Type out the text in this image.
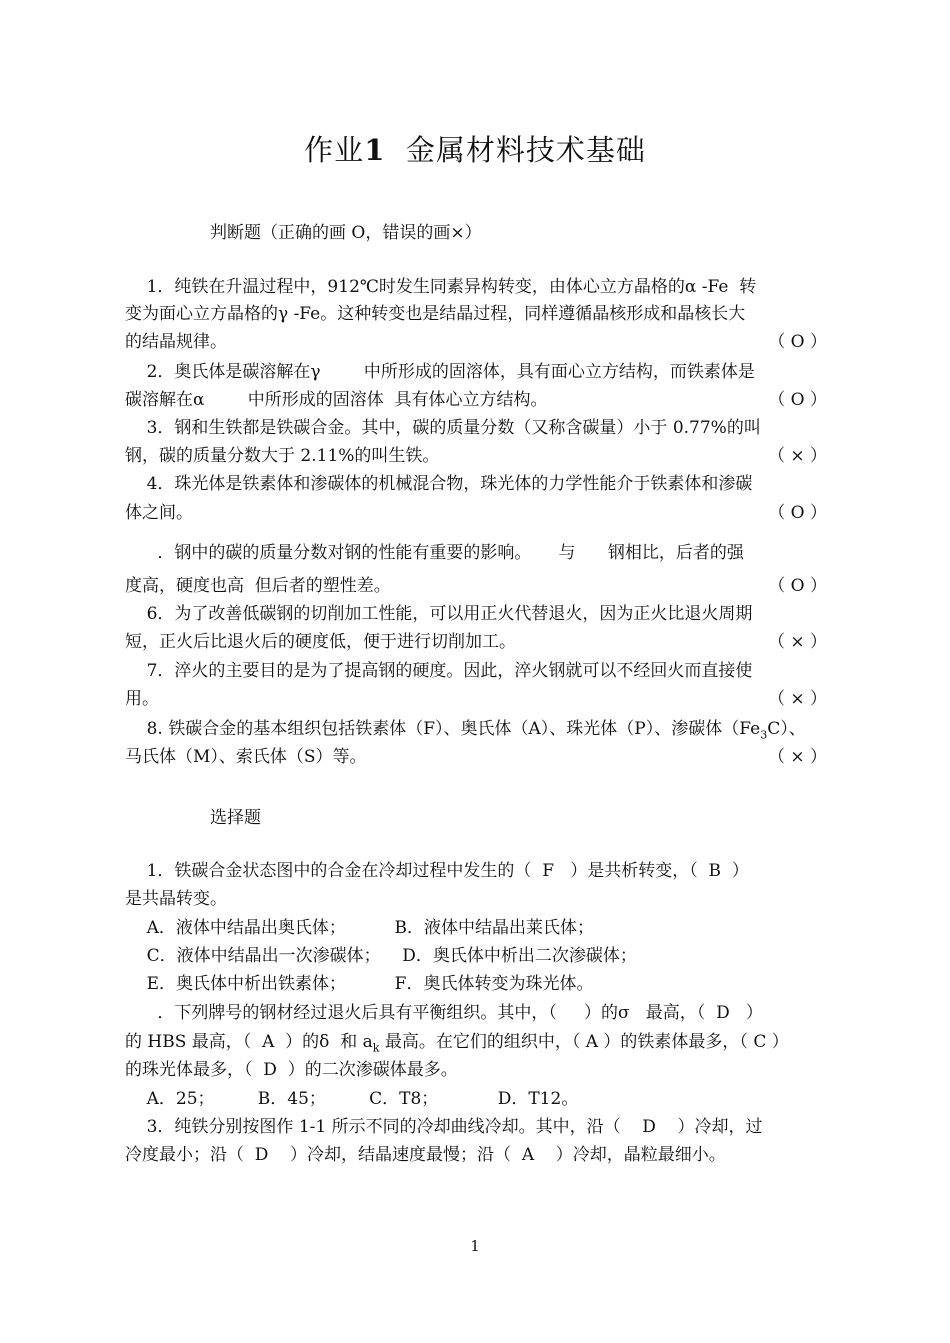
作业1 金属材料技术基础
判断题（正确的画 O，错误的画×）
1．纯铁在升温过程中，912℃时发生同素异构转变，由体心立方晶格的α -Fe  转
变为面心立方晶格的γ -Fe。这种转变也是结晶过程，同样遵循晶核形成和晶核长大
的结晶规律。	（ O ）
2．奥氏体是碳溶解在γ        中所形成的固溶体，具有面心立方结构，而铁素体是
碳溶解在α        中所形成的固溶体  具有体心立方结构。	（ O ）
3．钢和生铁都是铁碳合金。其中，碳的质量分数（又称含碳量）小于 0.77%的叫
钢，碳的质量分数大于 2.11%的叫生铁。	（ × ）
4．珠光体是铁素体和渗碳体的机械混合物，珠光体的力学性能介于铁素体和渗碳
体之间。	（ O ）
．钢中的碳的质量分数对钢的性能有重要的影响。     与      钢相比，后者的强
度高，硬度也高  但后者的塑性差。	（ O ）
6．为了改善低碳钢的切削加工性能，可以用正火代替退火，因为正火比退火周期
短，正火后比退火后的硬度低，便于进行切削加工。	（ × ）
7．淬火的主要目的是为了提高钢的硬度。因此，淬火钢就可以不经回火而直接使
用。	（ × ）
8. 铁碳合金的基本组织包括铁素体（F）、奥氏体（A）、珠光体（P）、渗碳体$(Fe_3C)$、
马氏体（M）、索氏体（S）等。	（ × ）
选择题
1．铁碳合金状态图中的合金在冷却过程中发生的（  F   ）是共析转变，（  B  ）
是共晶转变。
A．液体中结晶出奥氏体；         B．液体中结晶出莱氏体；
C．液体中结晶出一次渗碳体；    D．奥氏体中析出二次渗碳体；
E．奥氏体中析出铁素体；         F．奥氏体转变为珠光体。
．下列牌号的钢材经过退火后具有平衡组织。其中，（     ）的σ   最高，（  D   ）
的 HBS 最高，（  A  ）的δ  和 $a_k$ 最高。在它们的组织中，（ A ）的铁素体最多，（ C ）
的珠光体最多，（  D  ）的二次渗碳体最多。
A．25；        B．45；        C．T8；           D．T12。
3．纯铁分别按图作 1-1 所示不同的冷却曲线冷却。其中，沿（    D    ）冷却，过
冷度最小；沿（  D    ）冷却，结晶速度最慢；沿（  A    ）冷却，晶粒最细小。
1
